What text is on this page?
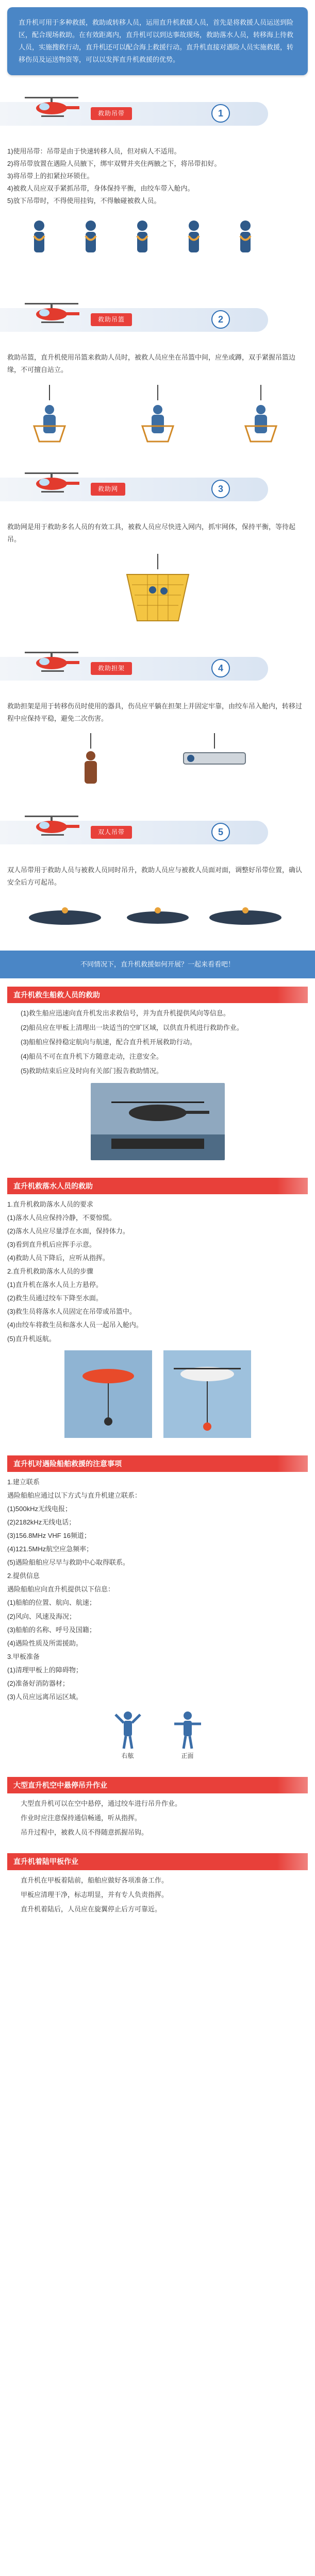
直升机可用于多种救援，救助或转移人员，运用直升机救援人员，首先是将救援人员运送到险区，配合现场救助。在有效距离内，直升机可以到达事故现场，救助落水人员，转移海上待救人员，实施搜救行动，直升机还可以配合海上救援行动。直升机直接对遇险人员实施救援，转移伤员及运送物资等，可以以发挥直升机救援的优势。
救助吊带	1
1)使用吊带：吊带是由于快速转移人员，但对病人不适用。
2)将吊带放置在遇险人员腋下，绑牢双臂并夹住两腋之下，将吊带扣好。
3)将吊带上的扣紧拉环锁住。
4)被救人员应双手紧抓吊带，身体保持平衡，由绞车带入舱内。
5)放下吊带时，不得使用挂钩，不得触碰被救人员。
救助吊篮	2
救助吊篮，直升机使用吊篮来救助人员时，被救人员应坐在吊篮中间，应坐或蹲，双手紧握吊篮边缘，不可擅自站立。
救助网	3
救助网是用于救助多名人员的有效工具，被救人员应尽快进入网内，抓牢网体，保持平衡，等待起吊。
救助担架	4
救助担架是用于转移伤员时使用的器具，伤员应平躺在担架上并固定牢靠，由绞车吊入舱内，转移过程中应保持平稳，避免二次伤害。
双人吊带	5
双人吊带用于救助人员与被救人员同时吊升，救助人员应与被救人员面对面，调整好吊带位置，确认安全后方可起吊。
不同情况下，直升机救援如何开展？一起来看看吧！
直升机救生船救人员的救助
(1)救生船应迅速向直升机发出求救信号，并为直升机提供风向等信息。
(2)船员应在甲板上清理出一块适当的空旷区域，以供直升机进行救助作业。
(3)船舶应保持稳定航向与航速，配合直升机开展救助行动。
(4)船员不可在直升机下方随意走动，注意安全。
(5)救助结束后应及时向有关部门报告救助情况。
直升机救落水人员的救助
1.直升机救助落水人员的要求
(1)落水人员应保持冷静，不要惊慌。
(2)落水人员应尽量浮在水面，保持体力。
(3)看到直升机后应挥手示意。
(4)救助人员下降后，应听从指挥。
2.直升机救助落水人员的步骤
(1)直升机在落水人员上方悬停。
(2)救生员通过绞车下降至水面。
(3)救生员将落水人员固定在吊带或吊篮中。
(4)由绞车将救生员和落水人员一起吊入舱内。
(5)直升机返航。
直升机对遇险船舶救援的注意事项
1.建立联系
遇险船舶应通过以下方式与直升机建立联系：
(1)500kHz无线电报；
(2)2182kHz无线电话；
(3)156.8MHz VHF 16频道；
(4)121.5MHz航空应急频率；
(5)遇险船舶应尽早与救助中心取得联系。
2.提供信息
遇险船舶应向直升机提供以下信息：
(1)船舶的位置、航向、航速；
(2)风向、风速及海况；
(3)船舶的名称、呼号及国籍；
(4)遇险性质及所需援助。
3.甲板准备
(1)清理甲板上的障碍物；
(2)准备好消防器材；
(3)人员应远离吊运区域。
右舷	正面
大型直升机空中悬停吊升作业
大型直升机可以在空中悬停，通过绞车进行吊升作业。
作业时应注意保持通信畅通，听从指挥。
吊升过程中，被救人员不得随意抓握吊钩。
直升机着陆甲板作业
直升机在甲板着陆前，船舶应做好各项准备工作。
甲板应清理干净，标志明显，并有专人负责指挥。
直升机着陆后，人员应在旋翼停止后方可靠近。
